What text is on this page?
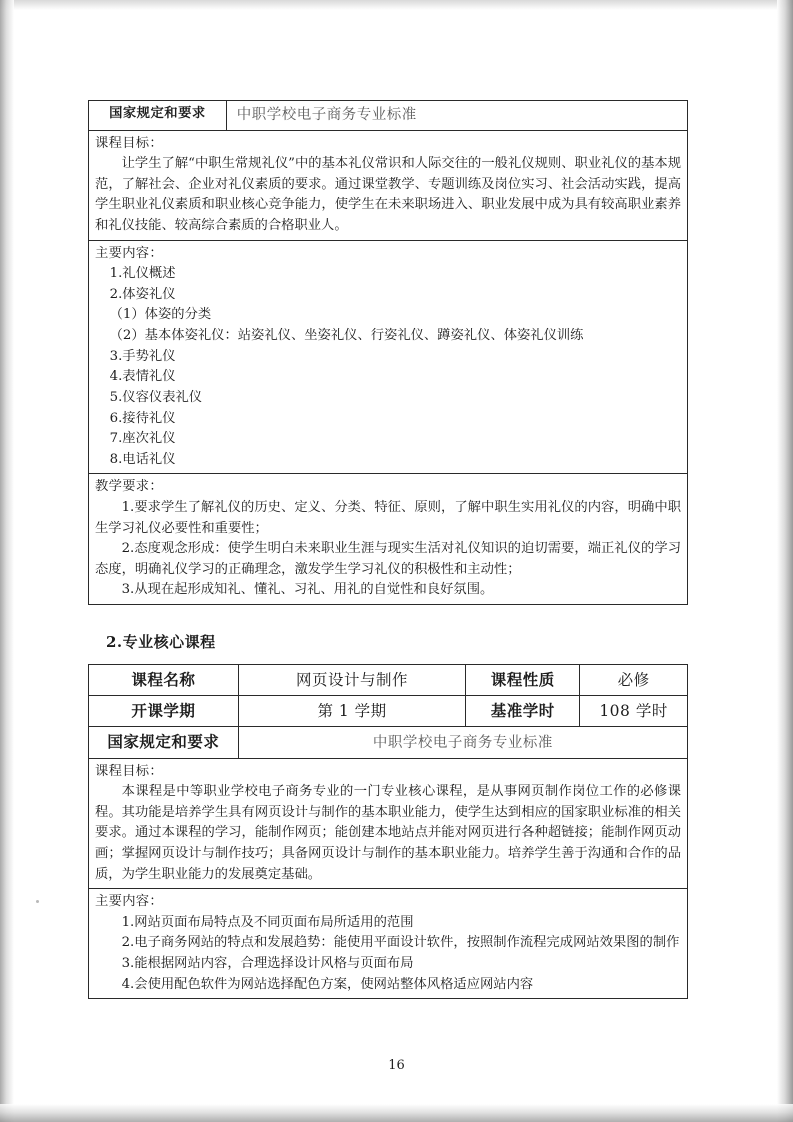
国家规定和要求	中职学校电子商务专业标准

课程目标：

让学生了解“中职生常规礼仪”中的基本礼仪常识和人际交往的一般礼仪规则、职业礼仪的基本规范，了解社会、企业对礼仪素质的要求。通过课堂教学、专题训练及岗位实习、社会活动实践，提高学生职业礼仪素质和职业核心竞争能力，使学生在未来职场进入、职业发展中成为具有较高职业素养和礼仪技能、较高综合素质的合格职业人。

主要内容：

1.礼仪概述

2.体姿礼仪

（1）体姿的分类

（2）基本体姿礼仪：站姿礼仪、坐姿礼仪、行姿礼仪、蹲姿礼仪、体姿礼仪训练

3.手势礼仪

4.表情礼仪

5.仪容仪表礼仪

6.接待礼仪

7.座次礼仪

8.电话礼仪

教学要求：

1.要求学生了解礼仪的历史、定义、分类、特征、原则，了解中职生实用礼仪的内容，明确中职生学习礼仪必要性和重要性；

2.态度观念形成：使学生明白未来职业生涯与现实生活对礼仪知识的迫切需要，端正礼仪的学习态度，明确礼仪学习的正确理念，激发学生学习礼仪的积极性和主动性；

3.从现在起形成知礼、懂礼、习礼、用礼的自觉性和良好氛围。

2.专业核心课程
课程名称	网页设计与制作	课程性质	必修
开课学期	第 1 学期	基准学时	108 学时
国家规定和要求	中职学校电子商务专业标准		

课程目标：

本课程是中等职业学校电子商务专业的一门专业核心课程，是从事网页制作岗位工作的必修课程。其功能是培养学生具有网页设计与制作的基本职业能力，使学生达到相应的国家职业标准的相关要求。通过本课程的学习，能制作网页；能创建本地站点并能对网页进行各种超链接；能制作网页动画；掌握网页设计与制作技巧；具备网页设计与制作的基本职业能力。培养学生善于沟通和合作的品质，为学生职业能力的发展奠定基础。			

主要内容：

1.网站页面布局特点及不同页面布局所适用的范围

2.电子商务网站的特点和发展趋势：能使用平面设计软件，按照制作流程完成网站效果图的制作

3.能根据网站内容，合理选择设计风格与页面布局

4.会使用配色软件为网站选择配色方案，使网站整体风格适应网站内容			

16
